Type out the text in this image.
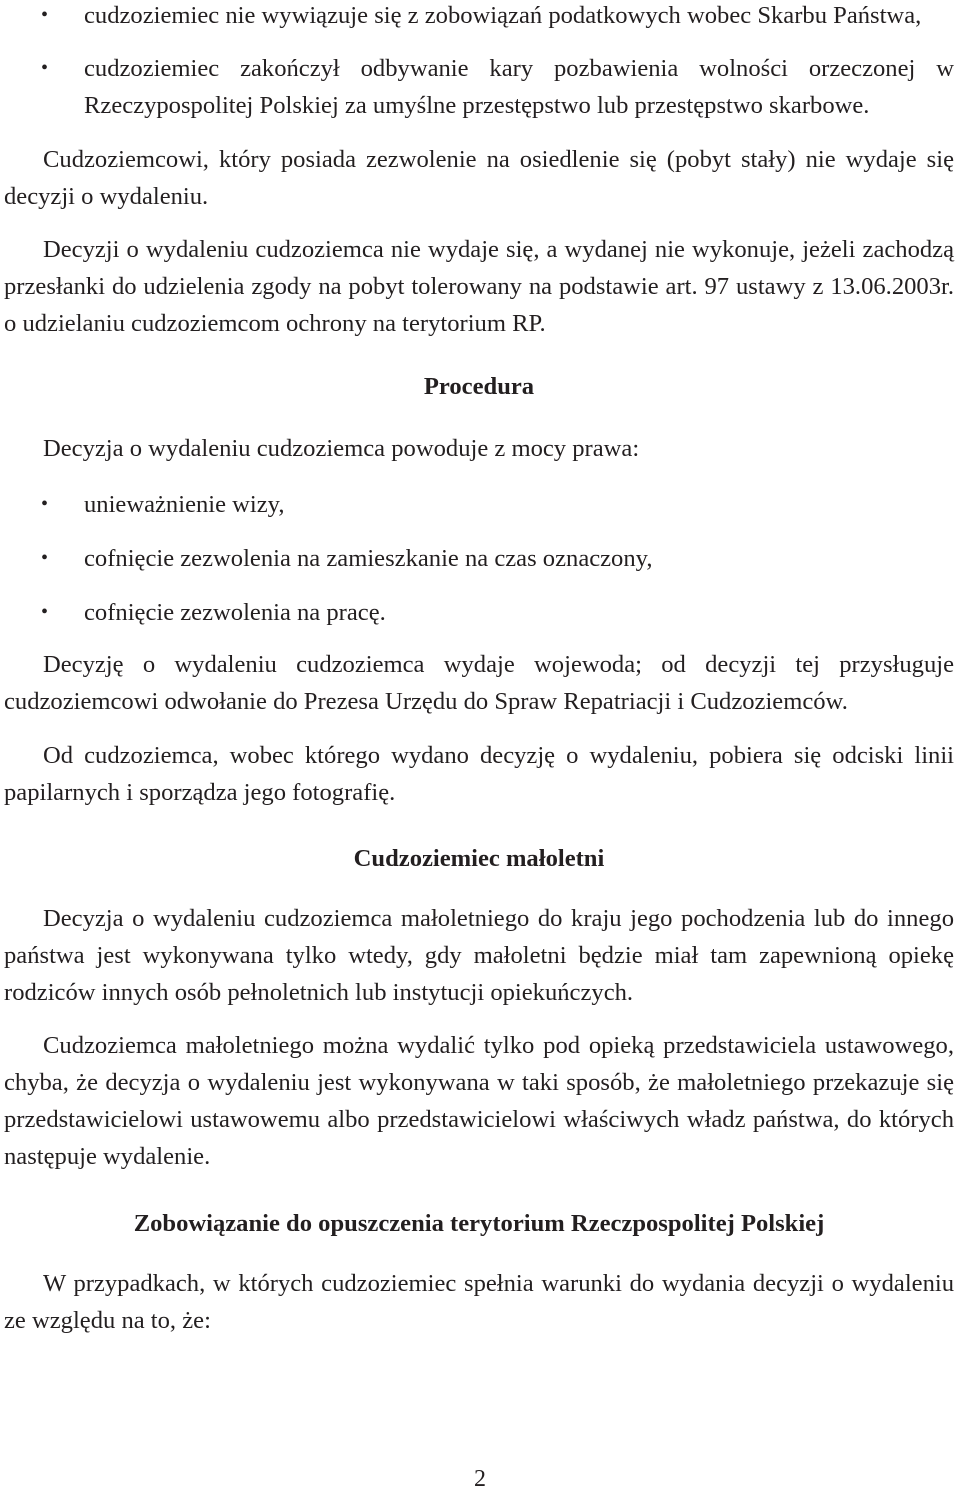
• cudzoziemiec nie wywiązuje się z zobowiązań podatkowych wobec Skarbu Państwa,
• cudzoziemiec zakończył odbywanie kary pozbawienia wolności orzeczonej w Rzeczypospolitej Polskiej za umyślne przestępstwo lub przestępstwo skarbowe.

Cudzoziemcowi, który posiada zezwolenie na osiedlenie się (pobyt stały) nie wydaje się decyzji o wydaleniu.

Decyzji o wydaleniu cudzoziemca nie wydaje się, a wydanej nie wykonuje, jeżeli zachodzą przesłanki do udzielenia zgody na pobyt tolerowany na podstawie art. 97 ustawy z 13.06.2003r. o udzielaniu cudzoziemcom ochrony na terytorium RP.

Procedura

Decyzja o wydaleniu cudzoziemca powoduje z mocy prawa:

• unieważnienie wizy,
• cofnięcie zezwolenia na zamieszkanie na czas oznaczony,
• cofnięcie zezwolenia na pracę.

Decyzję o wydaleniu cudzoziemca wydaje wojewoda; od decyzji tej przysługuje cudzoziemcowi odwołanie do Prezesa Urzędu do Spraw Repatriacji i Cudzoziemców.

Od cudzoziemca, wobec którego wydano decyzję o wydaleniu, pobiera się odciski linii papilarnych i sporządza jego fotografię.

Cudzoziemiec małoletni

Decyzja o wydaleniu cudzoziemca małoletniego do kraju jego pochodzenia lub do innego państwa jest wykonywana tylko wtedy, gdy małoletni będzie miał tam zapewnioną opiekę rodziców innych osób pełnoletnich lub instytucji opiekuńczych.

Cudzoziemca małoletniego można wydalić tylko pod opieką przedstawiciela ustawowego, chyba, że decyzja o wydaleniu jest wykonywana w taki sposób, że małoletniego przekazuje się przedstawicielowi ustawowemu albo przedstawicielowi właściwych władz państwa, do których następuje wydalenie.

Zobowiązanie do opuszczenia terytorium Rzeczpospolitej Polskiej

W przypadkach, w których cudzoziemiec spełnia warunki do wydania decyzji o wydaleniu ze względu na to, że:

2
